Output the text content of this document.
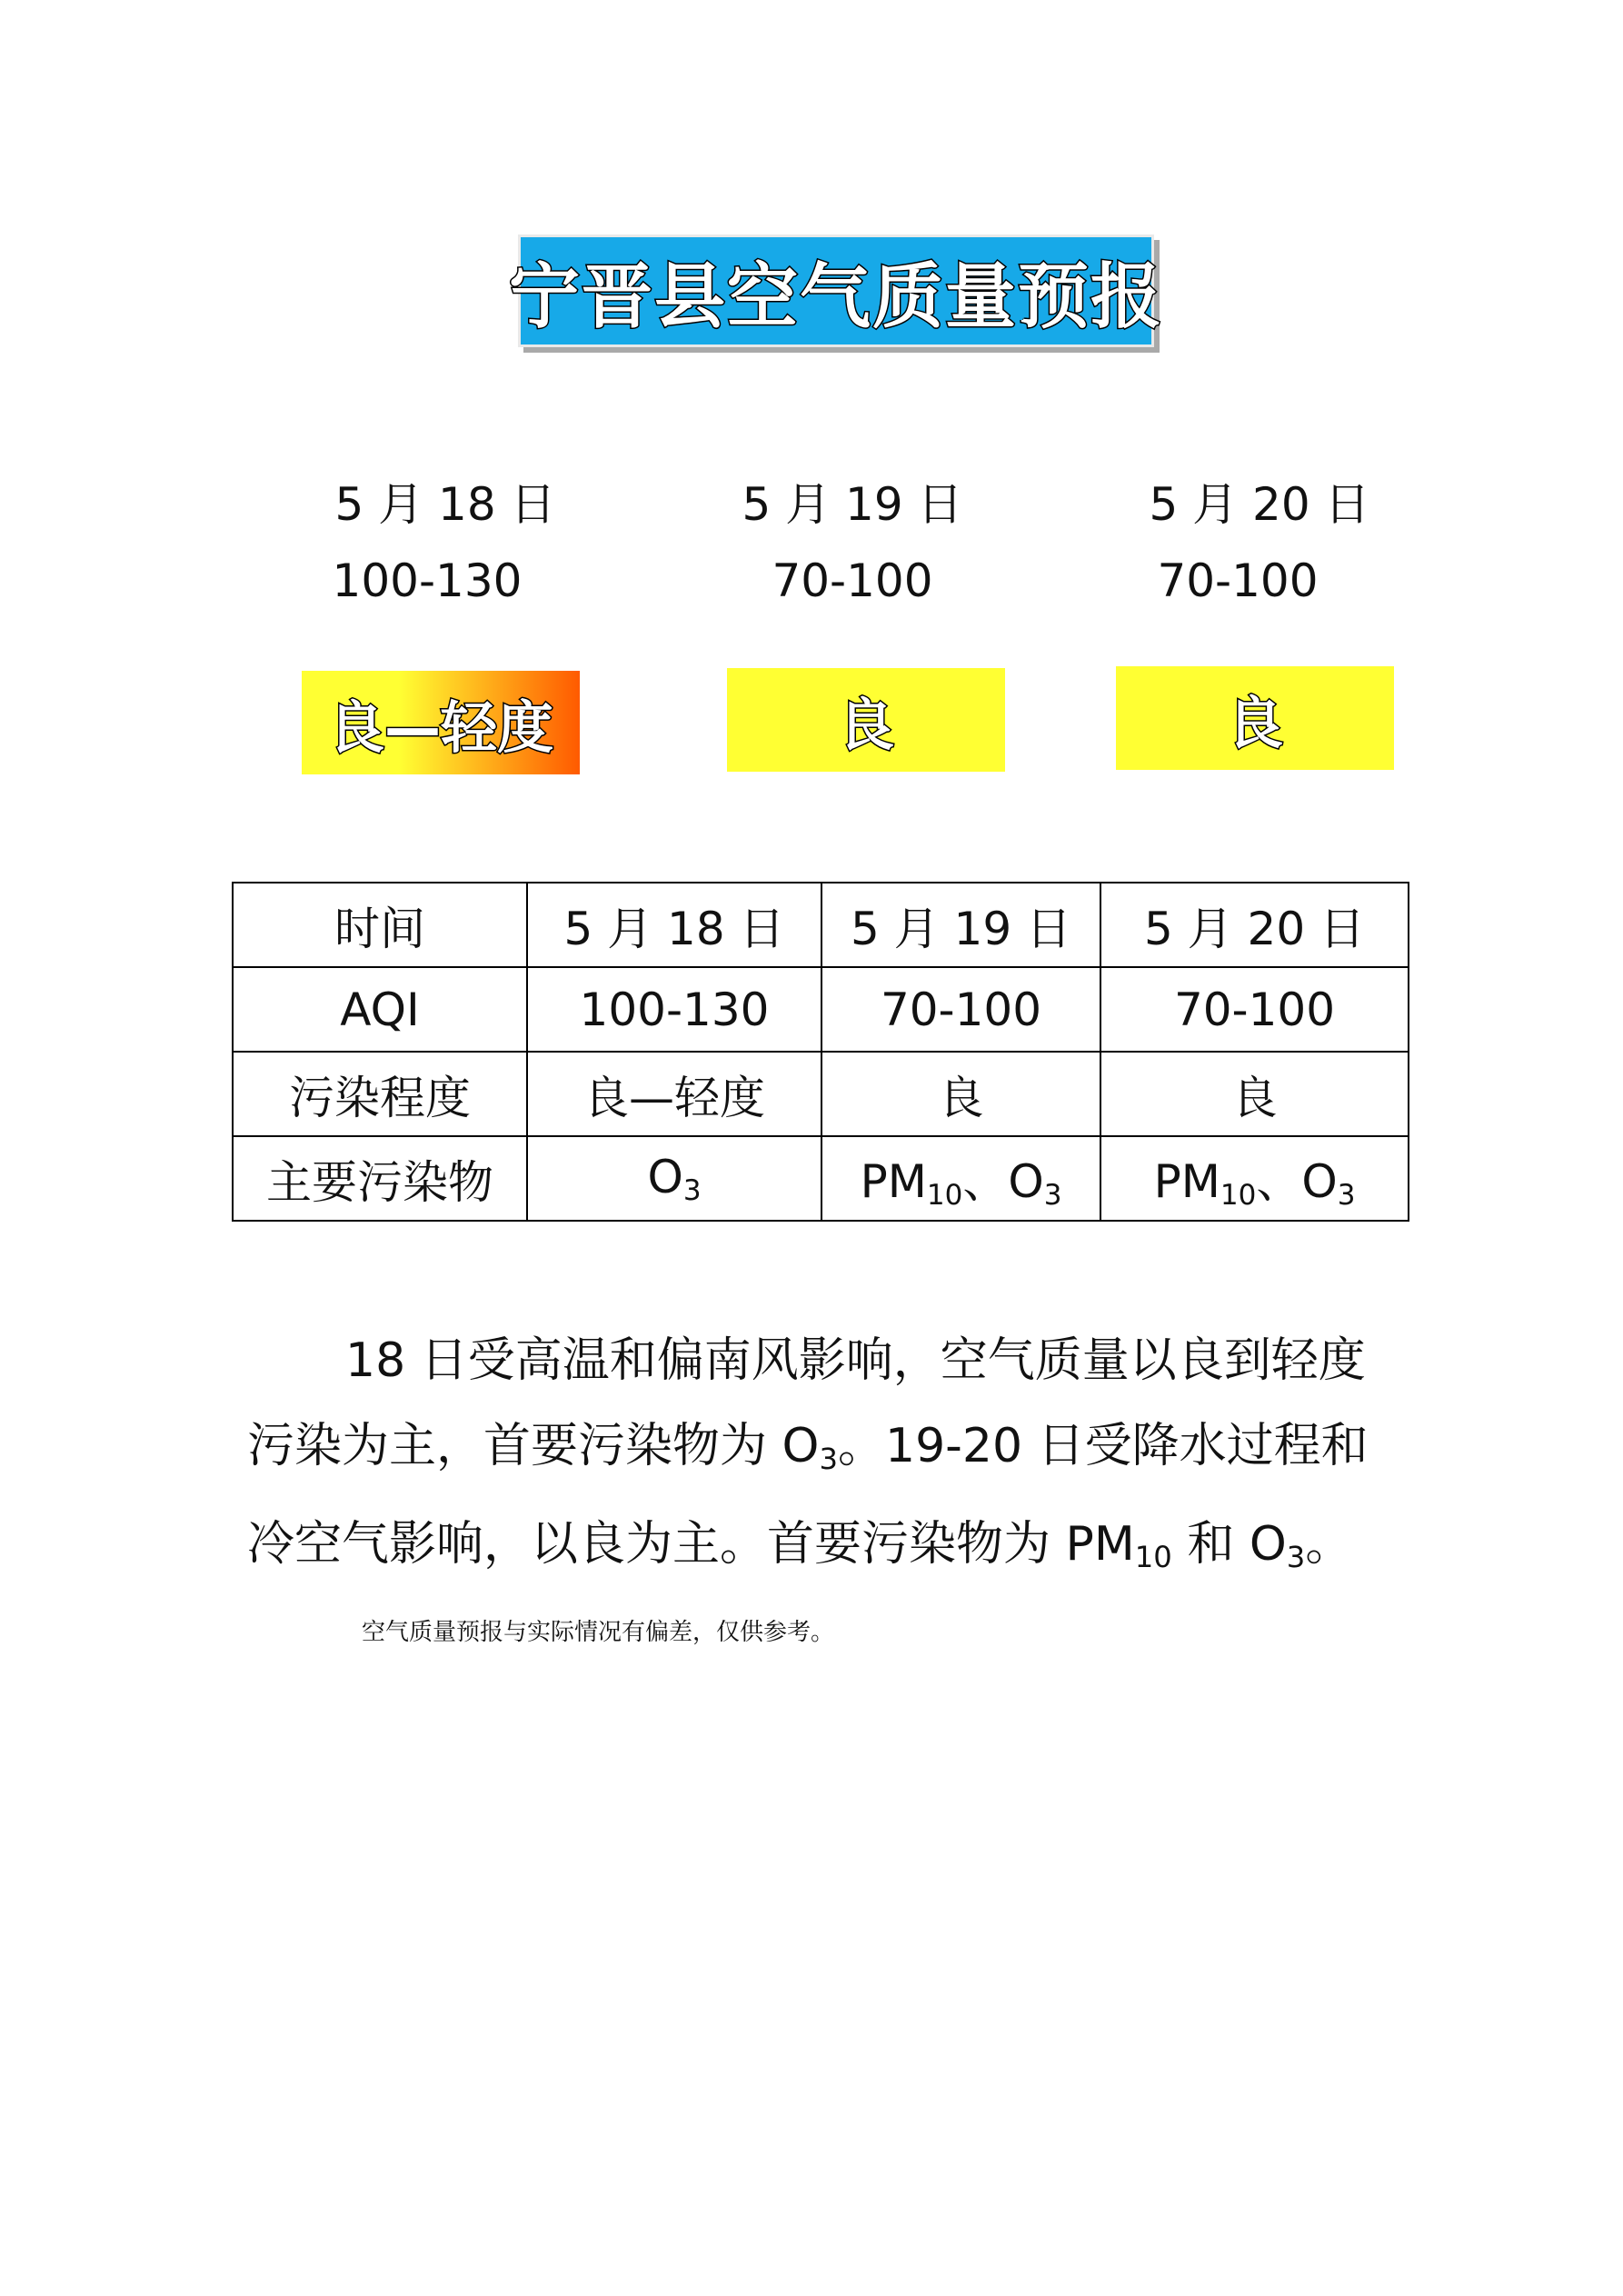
宁晋县空气质量预报
5 月 18 日	5 月 19 日	5 月 20 日
100-130	70-100	70-100
良—轻度	良	良
时间	5 月 18 日	5 月 19 日	5 月 20 日
AQI	100-130	70-100	70-100
污染程度	良—轻度	良	良
主要污染物	$O_3$	$PM_{10}$、$O_3$	$PM_{10}$、$O_3$
18 日受高温和偏南风影响，空气质量以良到轻度
污染为主，首要污染物为 $O_3$。19-20 日受降水过程和
冷空气影响，以良为主。首要污染物为 $PM_{10}$ 和 $O_3$。
空气质量预报与实际情况有偏差，仅供参考。
